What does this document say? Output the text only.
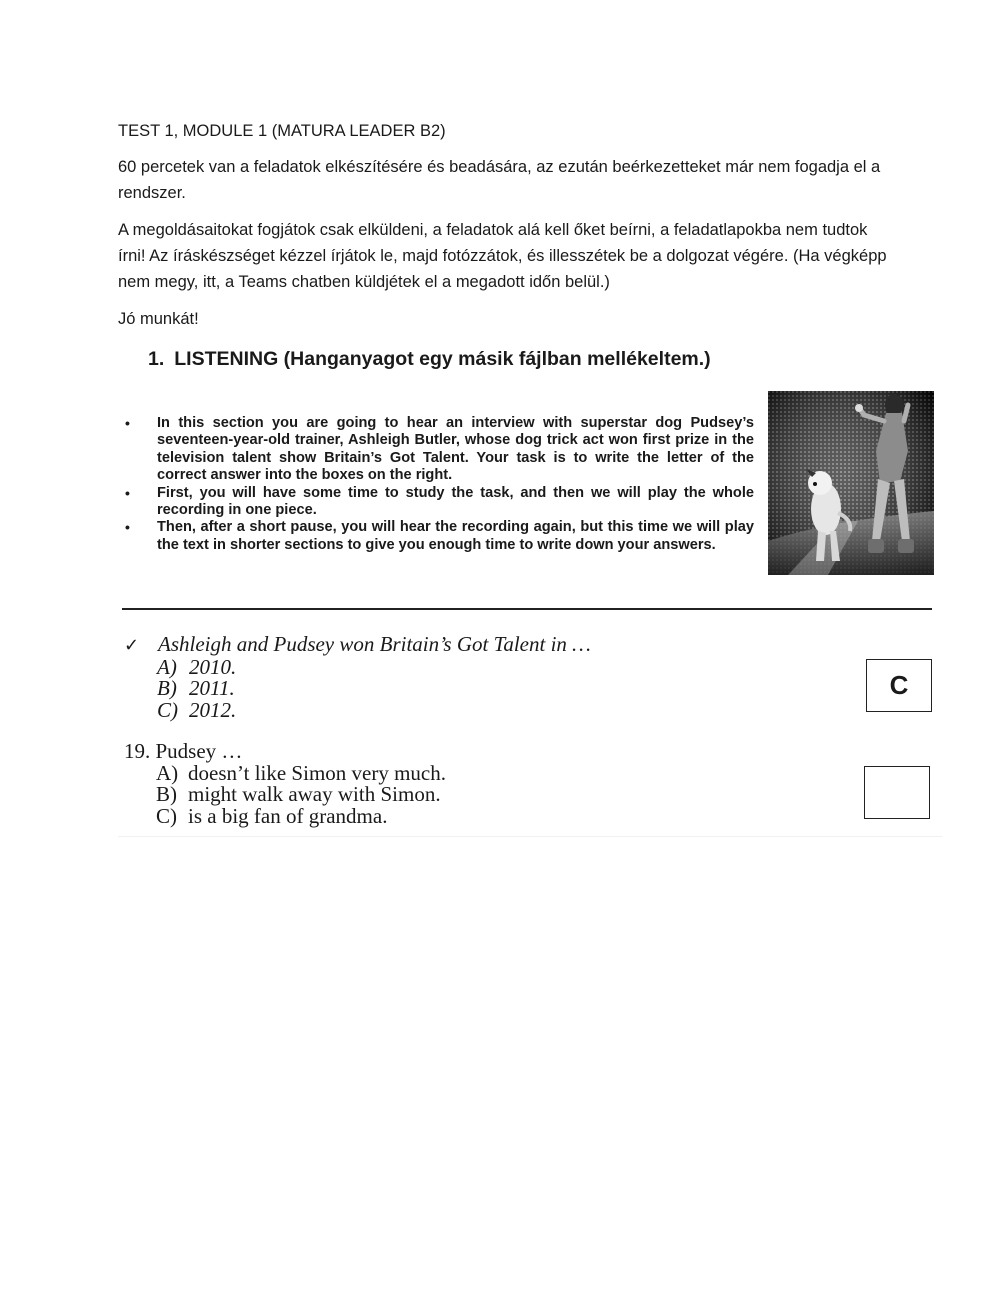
TEST 1, MODULE 1 (MATURA LEADER B2)

60 percetek van a feladatok elkészítésére és beadására, az ezután beérkezetteket már nem fogadja el a rendszer.

A megoldásaitokat fogjátok csak elküldeni, a feladatok alá kell őket beírni, a feladatlapokba nem tudtok írni! Az íráskészséget kézzel írjátok le, majd fotózzátok, és illesszétek be a dolgozat végére. (Ha végképp nem megy, itt, a Teams chatben küldjétek el a megadott időn belül.)

Jó munkát!

1. LISTENING (Hanganyagot egy másik fájlban mellékeltem.)
• In this section you are going to hear an interview with superstar dog Pudsey’s seventeen-year-old trainer, Ashleigh Butler, whose dog trick act won first prize in the television talent show Britain’s Got Talent. Your task is to write the letter of the correct answer into the boxes on the right.
• First, you will have some time to study the task, and then we will play the whole recording in one piece.
• Then, after a short pause, you will hear the recording again, but this time we will play the text in shorter sections to give you enough time to write down your answers.
✓ Ashleigh and Pudsey won Britain’s Got Talent in …
A) 2010.
B) 2011.
C) 2012.
C
19. Pudsey …
A) doesn’t like Simon very much.
B) might walk away with Simon.
C) is a big fan of grandma.
